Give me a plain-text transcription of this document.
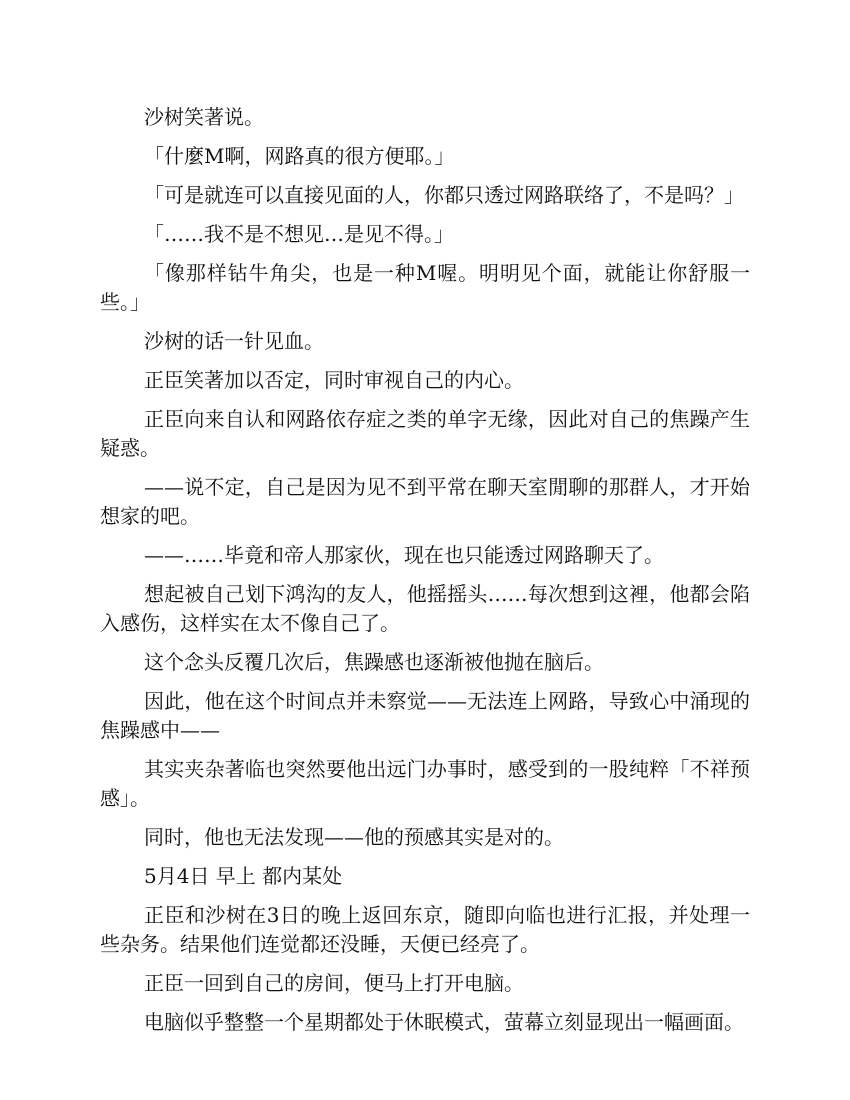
沙树笑著说。

「什麼M啊，网路真的很方便耶。」

「可是就连可以直接见面的人，你都只透过网路联络了，不是吗？」

「……我不是不想见…是见不得。」

「像那样钻牛角尖，也是一种M喔。明明见个面，就能让你舒服一些。」

沙树的话一针见血。

正臣笑著加以否定，同时审视自己的内心。

正臣向来自认和网路依存症之类的单字无缘，因此对自己的焦躁产生疑惑。

——说不定，自己是因为见不到平常在聊天室閒聊的那群人，才开始想家的吧。

——……毕竟和帝人那家伙，现在也只能透过网路聊天了。

想起被自己划下鸿沟的友人，他摇摇头……每次想到这裡，他都会陷入感伤，这样实在太不像自己了。

这个念头反覆几次后，焦躁感也逐渐被他抛在脑后。

因此，他在这个时间点并未察觉——无法连上网路，导致心中涌现的焦躁感中——

其实夹杂著临也突然要他出远门办事时，感受到的一股纯粹「不祥预感」。

同时，他也无法发现——他的预感其实是对的。

5月4日 早上 都内某处

正臣和沙树在3日的晚上返回东京，随即向临也进行汇报，并处理一些杂务。结果他们连觉都还没睡，天便已经亮了。

正臣一回到自己的房间，便马上打开电脑。

电脑似乎整整一个星期都处于休眠模式，萤幕立刻显现出一幅画面。
